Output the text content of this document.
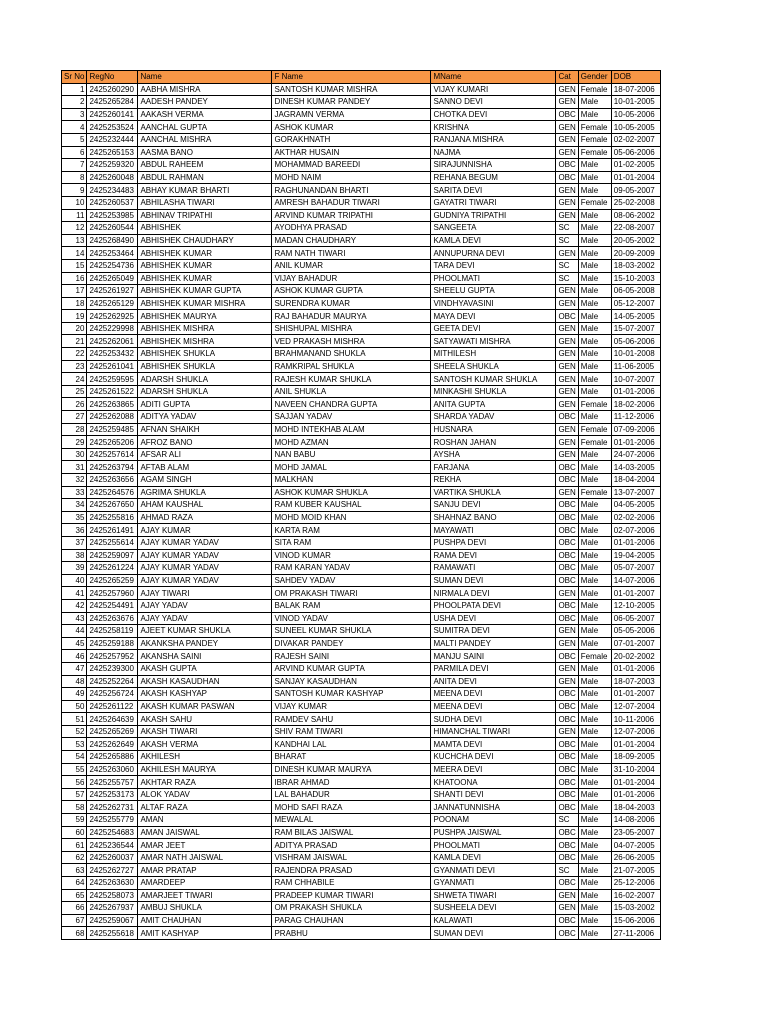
Sr No	RegNo	Name	F Name	MName	Cat	Gender	DOB
1	2425260290	AABHA MISHRA	SANTOSH KUMAR MISHRA	VIJAY KUMARI	GEN	Female	18-07-2006
2	2425265284	AADESH PANDEY	DINESH KUMAR PANDEY	SANNO DEVI	GEN	Male	10-01-2005
3	2425260141	AAKASH VERMA	JAGRAMN VERMA	CHOTKA DEVI	OBC	Male	10-05-2006
4	2425253524	AANCHAL GUPTA	ASHOK KUMAR	KRISHNA	GEN	Female	10-05-2005
5	2425232444	AANCHAL MISHRA	GORAKHNATH	RANJANA MISHRA	GEN	Female	02-02-2007
6	2425265153	AASMA BANO	AKTHAR HUSAIN	NAJMA	GEN	Female	05-06-2006
7	2425259320	ABDUL RAHEEM	MOHAMMAD BAREEDI	SIRAJUNNISHA	OBC	Male	01-02-2005
8	2425260048	ABDUL RAHMAN	MOHD NAIM	REHANA BEGUM	OBC	Male	01-01-2004
9	2425234483	ABHAY KUMAR BHARTI	RAGHUNANDAN BHARTI	SARITA DEVI	GEN	Male	09-05-2007
10	2425260537	ABHILASHA TIWARI	AMRESH BAHADUR TIWARI	GAYATRI TIWARI	GEN	Female	25-02-2008
11	2425253985	ABHINAV TRIPATHI	ARVIND KUMAR TRIPATHI	GUDNIYA TRIPATHI	GEN	Male	08-06-2002
12	2425260544	ABHISHEK	AYODHYA PRASAD	SANGEETA	SC	Male	22-08-2007
13	2425268490	ABHISHEK CHAUDHARY	MADAN CHAUDHARY	KAMLA DEVI	SC	Male	20-05-2002
14	2425253464	ABHISHEK KUMAR	RAM NATH TIWARI	ANNUPURNA DEVI	GEN	Male	20-09-2009
15	2425254736	ABHISHEK KUMAR	ANIL KUMAR	TARA DEVI	SC	Male	18-03-2002
16	2425265049	ABHISHEK KUMAR	VIJAY BAHADUR	PHOOLMATI	SC	Male	15-10-2003
17	2425261927	ABHISHEK KUMAR GUPTA	ASHOK KUMAR GUPTA	SHEELU GUPTA	GEN	Male	06-05-2008
18	2425265129	ABHISHEK KUMAR MISHRA	SURENDRA KUMAR	VINDHYAVASINI	GEN	Male	05-12-2007
19	2425262925	ABHISHEK MAURYA	RAJ BAHADUR MAURYA	MAYA DEVI	OBC	Male	14-05-2005
20	2425229998	ABHISHEK MISHRA	SHISHUPAL MISHRA	GEETA DEVI	GEN	Male	15-07-2007
21	2425262061	ABHISHEK MISHRA	VED PRAKASH MISHRA	SATYAWATI MISHRA	GEN	Male	05-06-2006
22	2425253432	ABHISHEK SHUKLA	BRAHMANAND SHUKLA	MITHILESH	GEN	Male	10-01-2008
23	2425261041	ABHISHEK SHUKLA	RAMKRIPAL SHUKLA	SHEELA SHUKLA	GEN	Male	11-06-2005
24	2425259595	ADARSH SHUKLA	RAJESH KUMAR SHUKLA	SANTOSH KUMAR SHUKLA	GEN	Male	10-07-2007
25	2425261522	ADARSH SHUKLA	ANIL SHUKLA	MINKASHI SHUKLA	GEN	Male	01-01-2006
26	2425263865	ADITI GUPTA	NAVEEN CHANDRA GUPTA	ANITA GUPTA	GEN	Female	18-02-2006
27	2425262088	ADITYA YADAV	SAJJAN YADAV	SHARDA YADAV	OBC	Male	11-12-2006
28	2425259485	AFNAN SHAIKH	MOHD INTEKHAB ALAM	HUSNARA	GEN	Female	07-09-2006
29	2425265206	AFROZ BANO	MOHD AZMAN	ROSHAN JAHAN	GEN	Female	01-01-2006
30	2425257614	AFSAR ALI	NAN BABU	AYSHA	GEN	Male	24-07-2006
31	2425263794	AFTAB ALAM	MOHD JAMAL	FARJANA	OBC	Male	14-03-2005
32	2425263656	AGAM SINGH	MALKHAN	REKHA	OBC	Male	18-04-2004
33	2425264576	AGRIMA SHUKLA	ASHOK KUMAR SHUKLA	VARTIKA SHUKLA	GEN	Female	13-07-2007
34	2425267650	AHAM KAUSHAL	RAM KUBER KAUSHAL	SANJU DEVI	OBC	Male	04-05-2005
35	2425255816	AHMAD RAZA	MOHD MOID KHAN	SHAHNAZ BANO	OBC	Male	02-02-2006
36	2425261491	AJAY KUMAR	KARTA RAM	MAYAWATI	OBC	Male	02-07-2006
37	2425255614	AJAY KUMAR YADAV	SITA RAM	PUSHPA DEVI	OBC	Male	01-01-2006
38	2425259097	AJAY KUMAR YADAV	VINOD KUMAR	RAMA DEVI	OBC	Male	19-04-2005
39	2425261224	AJAY KUMAR YADAV	RAM KARAN YADAV	RAMAWATI	OBC	Male	05-07-2007
40	2425265259	AJAY KUMAR YADAV	SAHDEV YADAV	SUMAN DEVI	OBC	Male	14-07-2006
41	2425257960	AJAY TIWARI	OM PRAKASH TIWARI	NIRMALA DEVI	GEN	Male	01-01-2007
42	2425254491	AJAY YADAV	BALAK RAM	PHOOLPATA DEVI	OBC	Male	12-10-2005
43	2425263676	AJAY YADAV	VINOD YADAV	USHA DEVI	OBC	Male	06-05-2007
44	2425258119	AJEET KUMAR SHUKLA	SUNEEL KUMAR SHUKLA	SUMITRA DEVI	GEN	Male	05-05-2006
45	2425259188	AKANKSHA PANDEY	DIVAKAR PANDEY	MALTI PANDEY	GEN	Male	07-01-2007
46	2425257952	AKANSHA SAINI	RAJESH SAINI	MANJU SAINI	OBC	Female	20-02-2002
47	2425239300	AKASH GUPTA	ARVIND KUMAR GUPTA	PARMILA DEVI	GEN	Male	01-01-2006
48	2425252264	AKASH KASAUDHAN	SANJAY KASAUDHAN	ANITA DEVI	GEN	Male	18-07-2003
49	2425256724	AKASH KASHYAP	SANTOSH KUMAR KASHYAP	MEENA DEVI	OBC	Male	01-01-2007
50	2425261122	AKASH KUMAR PASWAN	VIJAY KUMAR	MEENA DEVI	OBC	Male	12-07-2004
51	2425264639	AKASH SAHU	RAMDEV SAHU	SUDHA DEVI	OBC	Male	10-11-2006
52	2425265269	AKASH TIWARI	SHIV RAM TIWARI	HIMANCHAL TIWARI	GEN	Male	12-07-2006
53	2425262649	AKASH VERMA	KANDHAI LAL	MAMTA DEVI	OBC	Male	01-01-2004
54	2425265886	AKHILESH	BHARAT	KUCHCHA DEVI	OBC	Male	18-09-2005
55	2425263060	AKHILESH MAURYA	DINESH KUMAR MAURYA	MEERA DEVI	OBC	Male	31-10-2004
56	2425255757	AKHTAR RAZA	IBRAR AHMAD	KHATOONA	OBC	Male	01-01-2004
57	2425253173	ALOK YADAV	LAL BAHADUR	SHANTI DEVI	OBC	Male	01-01-2006
58	2425262731	ALTAF RAZA	MOHD SAFI RAZA	JANNATUNNISHA	OBC	Male	18-04-2003
59	2425255779	AMAN	MEWALAL	POONAM	SC	Male	14-08-2006
60	2425254683	AMAN JAISWAL	RAM BILAS JAISWAL	PUSHPA JAISWAL	OBC	Male	23-05-2007
61	2425236544	AMAR JEET	ADITYA PRASAD	PHOOLMATI	OBC	Male	04-07-2005
62	2425260037	AMAR NATH JAISWAL	VISHRAM JAISWAL	KAMLA DEVI	OBC	Male	26-06-2005
63	2425262727	AMAR PRATAP	RAJENDRA PRASAD	GYANMATI DEVI	SC	Male	21-07-2005
64	2425263630	AMARDEEP	RAM CHHABILE	GYANMATI	OBC	Male	25-12-2006
65	2425258073	AMARJEET TIWARI	PRADEEP KUMAR TIWARI	SHWETA TIWARI	GEN	Male	16-02-2007
66	2425267937	AMBUJ SHUKLA	OM PRAKASH SHUKLA	SUSHEELA DEVI	GEN	Male	15-03-2002
67	2425259067	AMIT CHAUHAN	PARAG CHAUHAN	KALAWATI	OBC	Male	15-06-2006
68	2425255618	AMIT KASHYAP	PRABHU	SUMAN DEVI	OBC	Male	27-11-2006
